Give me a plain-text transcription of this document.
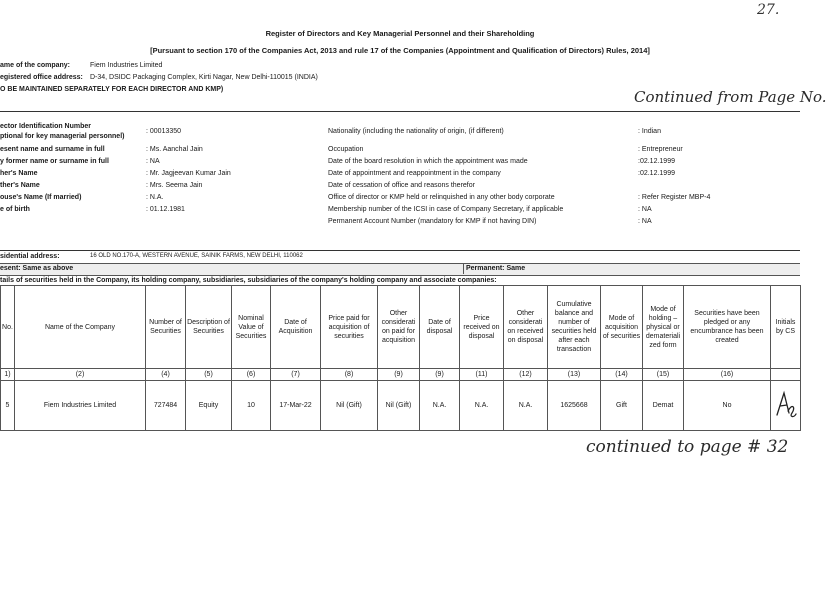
27.
Register of Directors and Key Managerial Personnel and their Shareholding
[Pursuant to section 170 of the Companies Act, 2013 and rule 17 of the Companies (Appointment and Qualification of Directors) Rules, 2014]
ame of the company:	Fiem Industries Limited
egistered office address: D-34, DSIDC Packaging Complex, Kirti Nagar, New Delhi-110015 (INDIA)
O BE MAINTAINED SEPARATELY FOR EACH DIRECTOR AND KMP)	Continued from Page No.
ector Identification Number
ptional for key managerial personnel)
: 00013350
esent name and surname in full	: Ms. Aanchal Jain
y former name or surname in full	: NA
her's Name	: Mr. Jagjeevan Kumar Jain
ther's Name	: Mrs. Seema Jain
ouse's Name (If married)	: N.A.
e of birth	: 01.12.1981
Nationality (including the nationality of origin, (if different)	: Indian
Occupation	: Entrepreneur
Date of the board resolution in which the appointment was made	:02.12.1999
Date of appointment and reappointment in the company	:02.12.1999
Date of cessation of office and reasons therefor
Office of director or KMP held or relinquished in any other body corporate	: Refer Register MBP-4
Membership number of the ICSI in case of Company Secretary, if applicable	: NA
Permanent Account Number (mandatory for KMP if not having DIN)	: NA
sidential address:	16 OLD NO.170-A, WESTERN AVENUE, SAINIK FARMS, NEW DELHI, 110062
esent: Same as above	Permanent: Same
tails of securities held in the Company, its holding company, subsidiaries, subsidiaries of the company's holding company and associate companies:
No.	Name of the Company	Number of Securities	Description of Securities	Nominal Value of Securities	Date of Acquisition	Price paid for acquisition of securities	Other considerati on paid for acquisition	Date of disposal	Price received on disposal	Other considerati on received on disposal	Cumulative balance and number of securities held after each transaction	Mode of acquisition of securities	Mode of holding – physical or demateriali zed form	Securities have been pledged or any encumbrance has been created	Initials by CS
1)	(2)	(4)	(5)	(6)	(7)	(8)	(9)	(9)	(11)	(12)	(13)	(14)	(15)	(16)	
5	Fiem Industries Limited	727484	Equity	10	17-Mar-22	Nil (Gift)	Nil (Gift)	N.A.	N.A.	N.A.	1625668	Gift	Demat	No	
continued to page # 32
